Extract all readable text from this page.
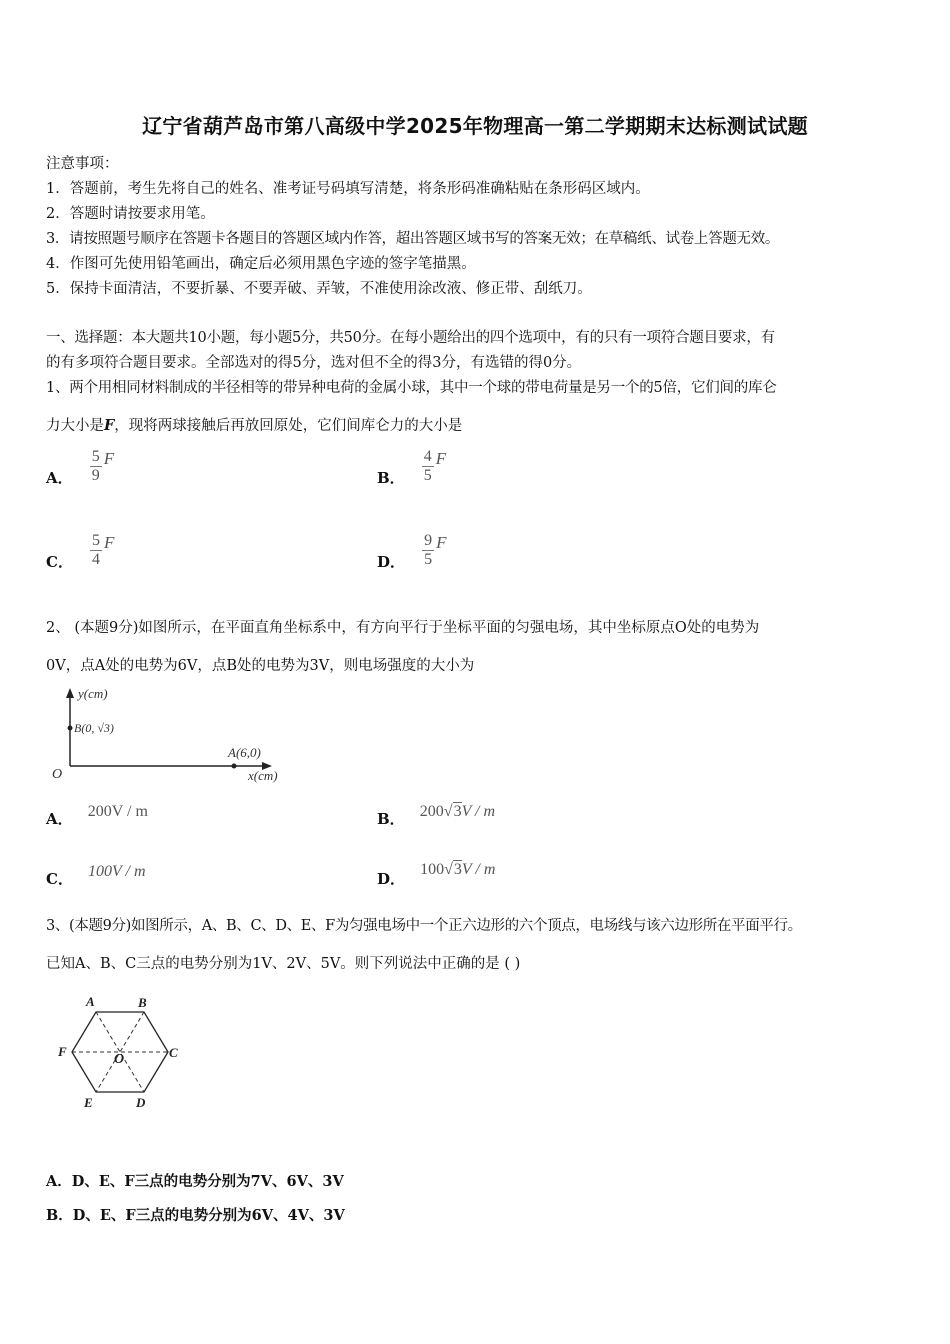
辽宁省葫芦岛市第八高级中学2025年物理高一第二学期期末达标测试试题
注意事项：
1．答题前，考生先将自己的姓名、准考证号码填写清楚，将条形码准确粘贴在条形码区域内。
2．答题时请按要求用笔。
3．请按照题号顺序在答题卡各题目的答题区域内作答，超出答题区域书写的答案无效；在草稿纸、试卷上答题无效。
4．作图可先使用铅笔画出，确定后必须用黑色字迹的签字笔描黑。
5．保持卡面清洁，不要折暴、不要弄破、弄皱，不准使用涂改液、修正带、刮纸刀。
一、选择题：本大题共10小题，每小题5分，共50分。在每小题给出的四个选项中，有的只有一项符合题目要求，有
的有多项符合题目要求。全部选对的得5分，选对但不全的得3分，有选错的得0分。
1、两个用相同材料制成的半径相等的带异种电荷的金属小球，其中一个球的带电荷量是另一个的5倍，它们间的库仑
力大小是F，现将两球接触后再放回原处，它们间库仑力的大小是
A． $\frac{5}{9}$ F
B． $\frac{4}{5}$ F
C． $\frac{5}{4}$ F
D． $\frac{9}{5}$ F
2、 (本题9分)如图所示，在平面直角坐标系中，有方向平行于坐标平面的匀强电场，其中坐标原点O处的电势为
0V，点A处的电势为6V，点B处的电势为3V，则电场强度的大小为
y(cm)
B(0, √3)
A(6,0)
O	x(cm)
A． 200V / m	B． 200√3V / m
C． 100V / m	D． 100√3V / m
3、(本题9分)如图所示，A、B、C、D、E、F为匀强电场中一个正六边形的六个顶点，电场线与该六边形所在平面平行。
已知A、B、C三点的电势分别为1V、2V、5V。则下列说法中正确的是 ( )
A	B
C
D
E
F
O
A．D、E、F三点的电势分别为7V、6V、3V
B．D、E、F三点的电势分别为6V、4V、3V
